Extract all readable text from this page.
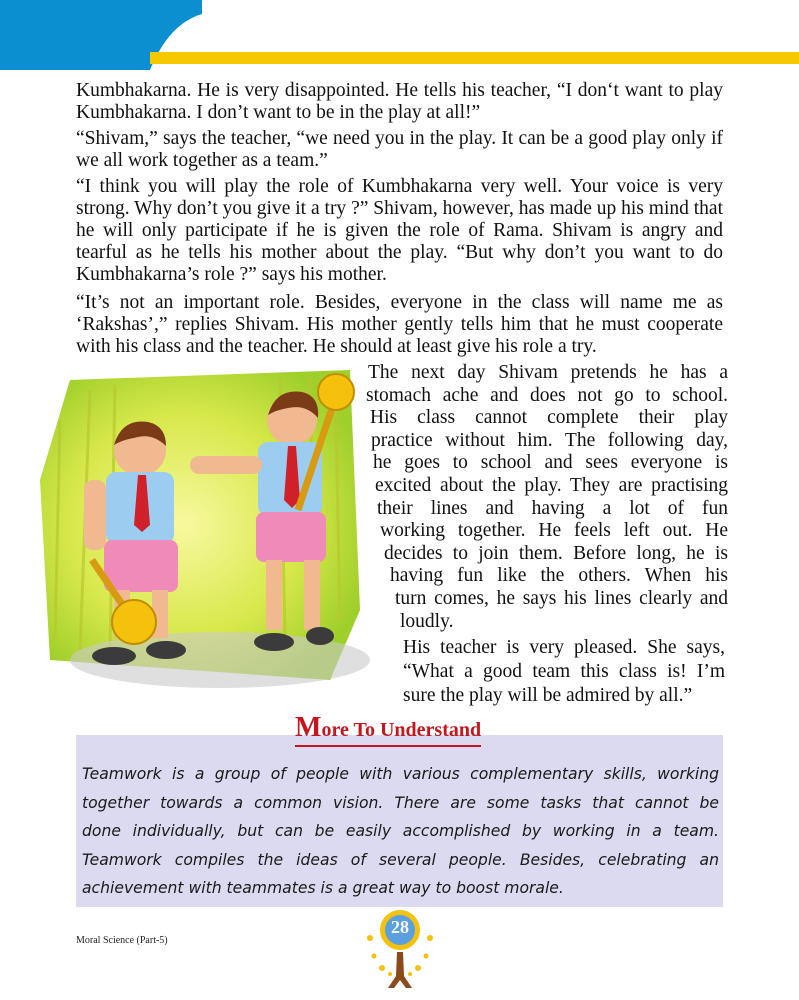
Kumbhakarna. He is very disappointed. He tells his teacher, “I don‘t want to play Kumbhakarna. I don’t want to be in the play at all!”

“Shivam,” says the teacher, “we need you in the play. It can be a good play only if we all work together as a team.”

“I think you will play the role of Kumbhakarna very well. Your voice is very strong. Why don’t you give it a try ?” Shivam, however, has made up his mind that he will only participate if he is given the role of Rama. Shivam is angry and tearful as he tells his mother about the play. “But why don’t you want to do Kumbhakarna’s role ?” says his mother.

“It’s not an important role. Besides, everyone in the class will name me as ‘Rakshas’,” replies Shivam. His mother gently tells him that he must cooperate with his class and the teacher. He should at least give his role a try.

The next day Shivam pretends he has a
stomach ache and does not go to school.
His class cannot complete their play
practice without him. The following day,
he goes to school and sees everyone is
excited about the play. They are practising
their lines and having a lot of fun
working together. He feels left out. He
decides to join them. Before long, he is
having fun like the others. When his
turn comes, he says his lines clearly and
loudly.
His teacher is very pleased. She says,
“What a good team this class is! I’m
sure the play will be admired by all.”
More To Understand
Teamwork is a group of people with various complementary skills, working
together towards a common vision. There are some tasks that cannot be
done individually, but can be easily accomplished by working in a team.
Teamwork compiles the ideas of several people. Besides, celebrating an
achievement with teammates is a great way to boost morale.
Moral Science (Part-5)
28
